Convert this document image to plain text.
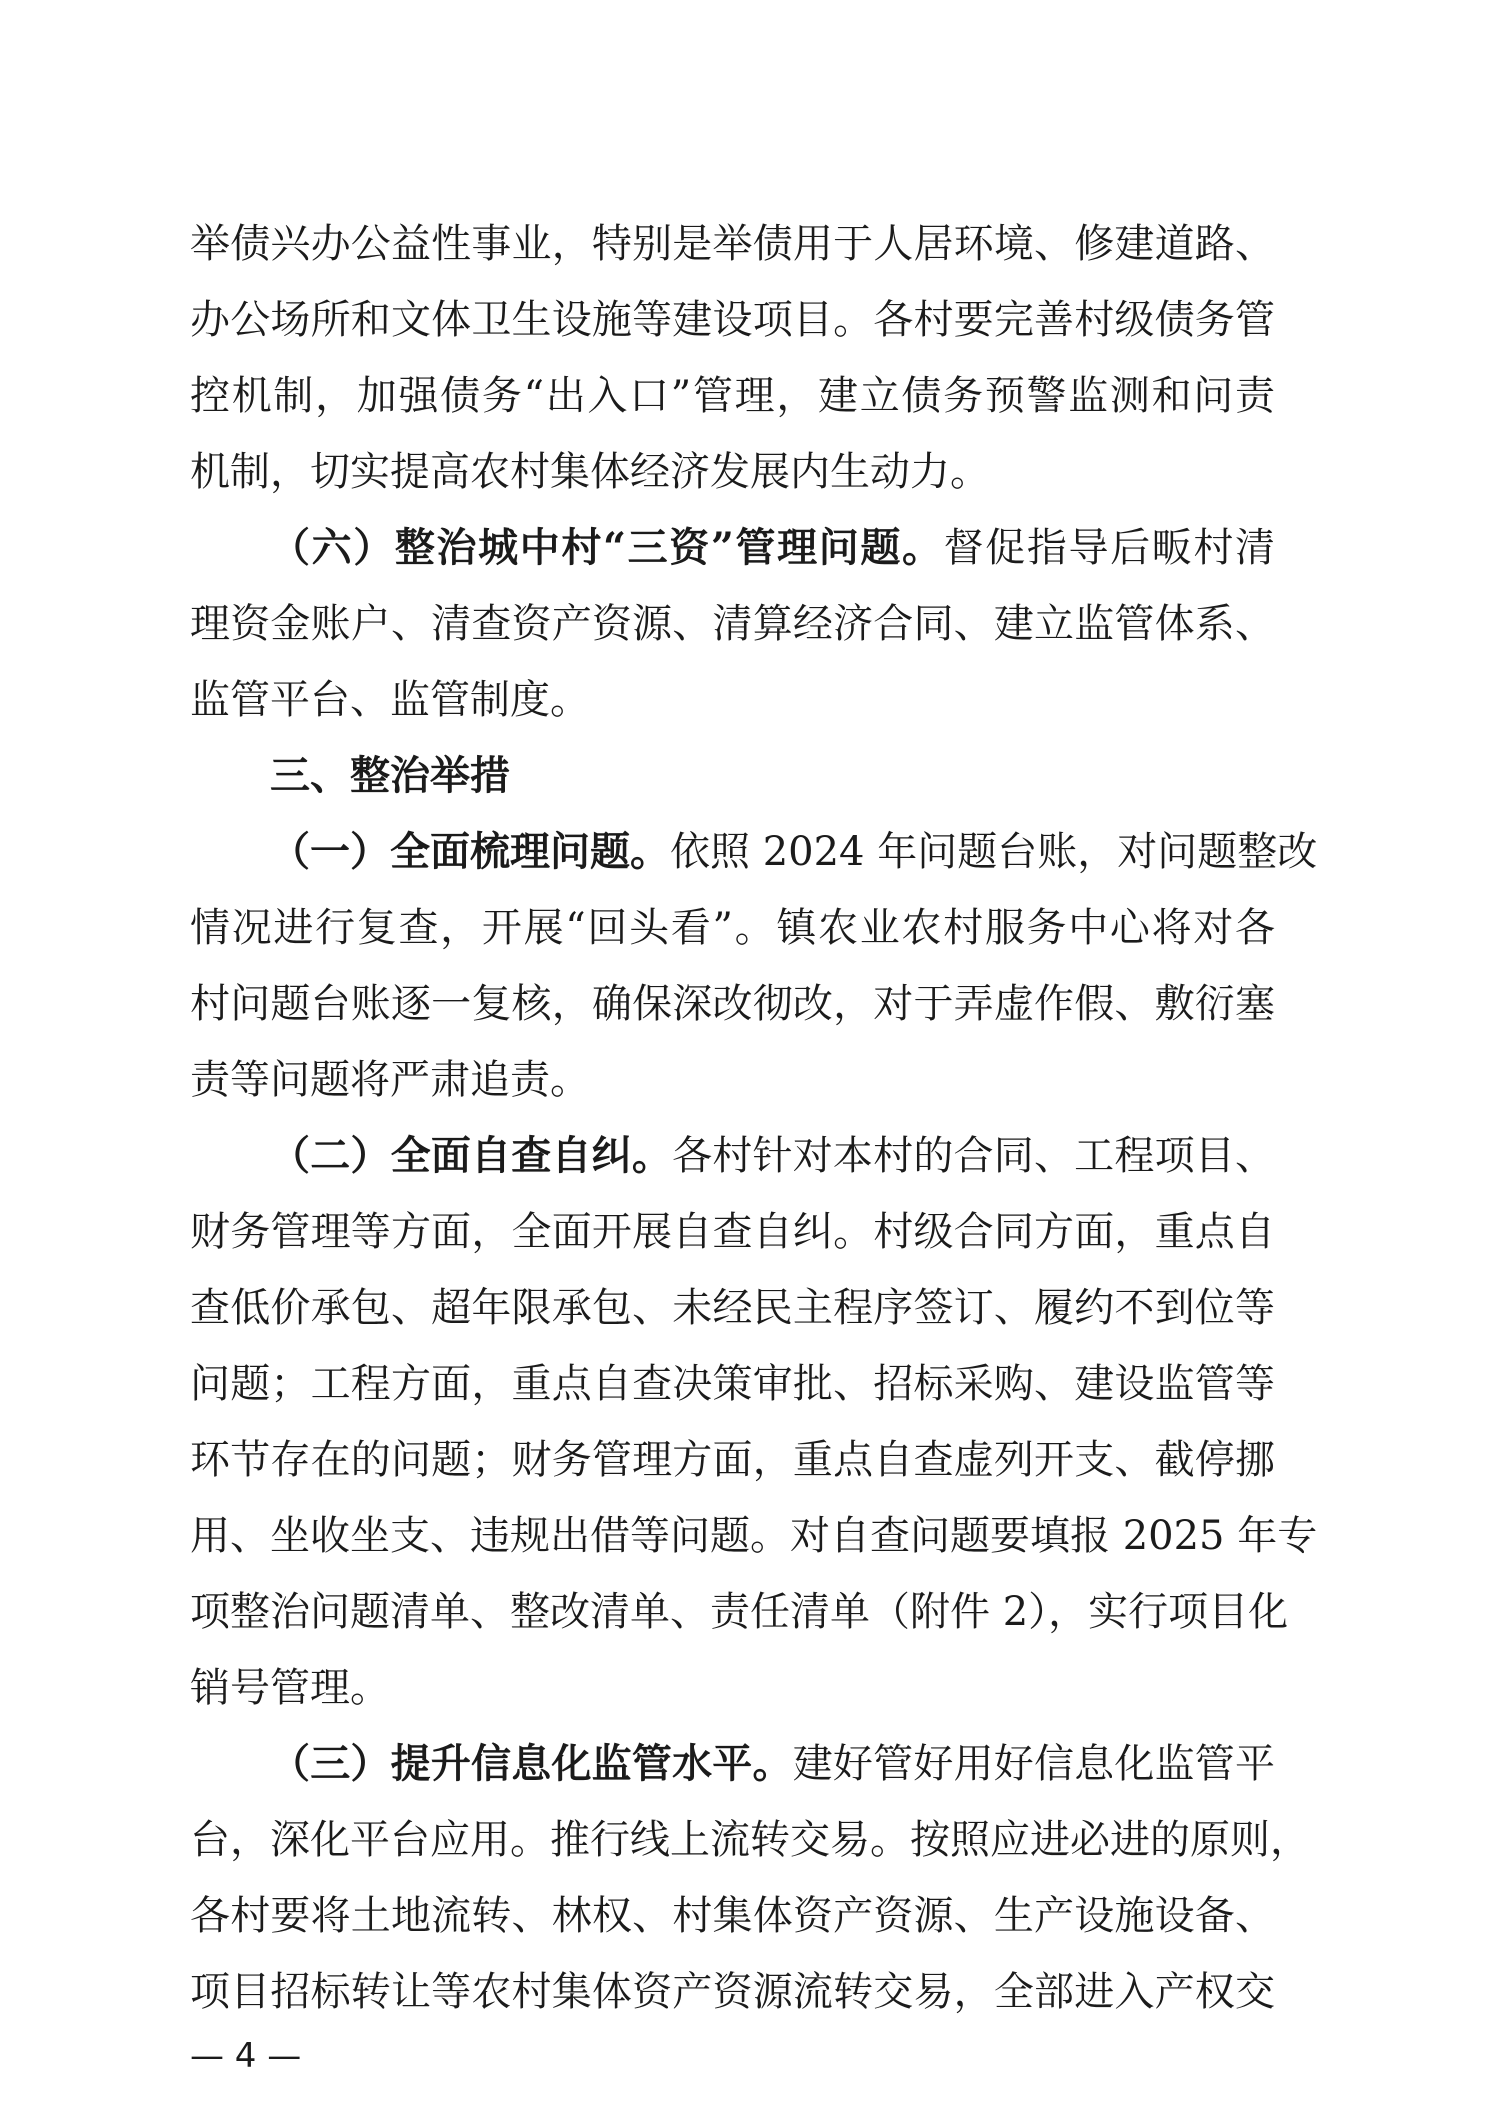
举债兴办公益性事业，特别是举债用于人居环境、修建道路、
办公场所和文体卫生设施等建设项目。各村要完善村级债务管
控机制，加强债务“出入口”管理，建立债务预警监测和问责
机制，切实提高农村集体经济发展内生动力。
（六）整治城中村“三资”管理问题。督促指导后畈村清
理资金账户、清查资产资源、清算经济合同、建立监管体系、
监管平台、监管制度。
三、整治举措
（一）全面梳理问题。依照 2024 年问题台账，对问题整改
情况进行复查，开展“回头看”。镇农业农村服务中心将对各
村问题台账逐一复核，确保深改彻改，对于弄虚作假、敷衍塞
责等问题将严肃追责。
（二）全面自查自纠。各村针对本村的合同、工程项目、
财务管理等方面，全面开展自查自纠。村级合同方面，重点自
查低价承包、超年限承包、未经民主程序签订、履约不到位等
问题；工程方面，重点自查决策审批、招标采购、建设监管等
环节存在的问题；财务管理方面，重点自查虚列开支、截停挪
用、坐收坐支、违规出借等问题。对自查问题要填报 2025 年专
项整治问题清单、整改清单、责任清单（附件 2），实行项目化
销号管理。
（三）提升信息化监管水平。建好管好用好信息化监管平
台，深化平台应用。推行线上流转交易。按照应进必进的原则，
各村要将土地流转、林权、村集体资产资源、生产设施设备、
项目招标转让等农村集体资产资源流转交易，全部进入产权交
— 4 —
